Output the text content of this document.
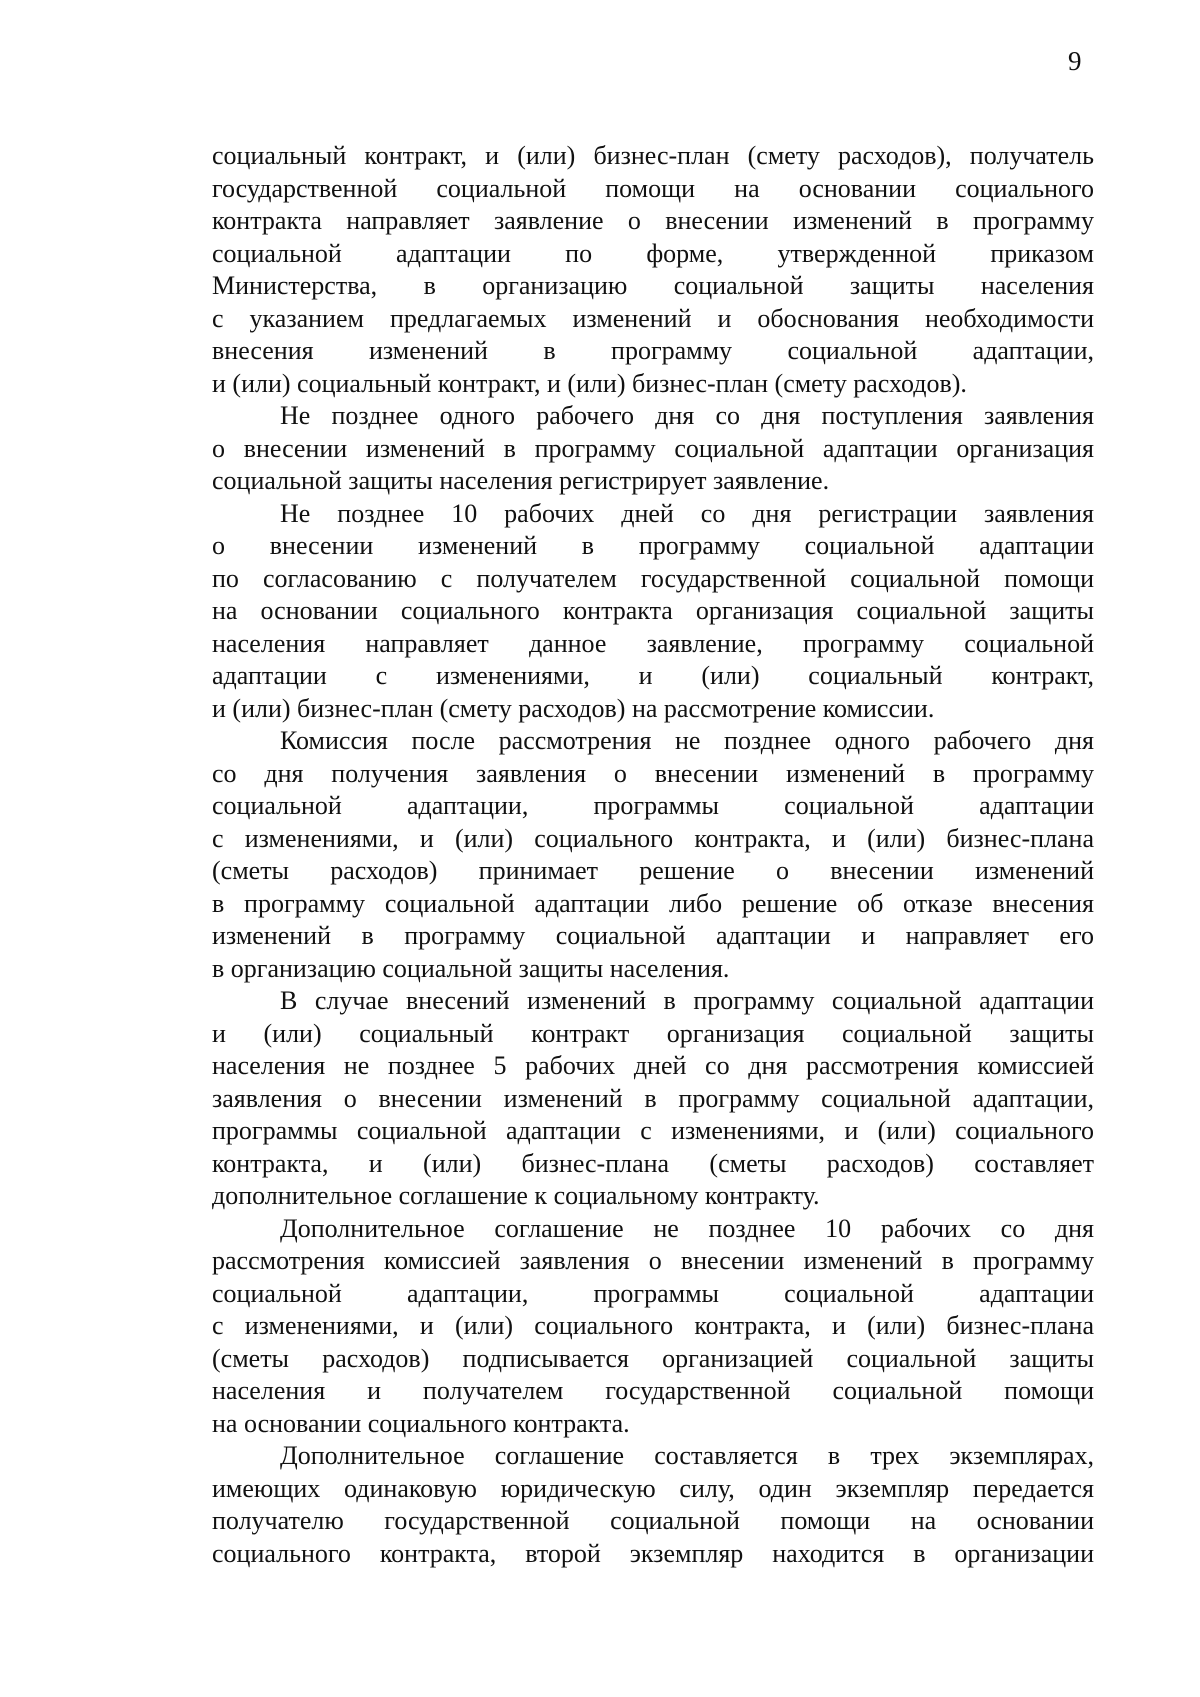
9

социальный контракт, и (или) бизнес-план (смету расходов), получатель
государственной социальной помощи на основании социального
контракта направляет заявление о внесении изменений в программу
социальной адаптации по форме, утвержденной приказом
Министерства, в организацию социальной защиты населения
с указанием предлагаемых изменений и обоснования необходимости
внесения изменений в программу социальной адаптации,
и (или) социальный контракт, и (или) бизнес-план (смету расходов).

Не позднее одного рабочего дня со дня поступления заявления
о внесении изменений в программу социальной адаптации организация
социальной защиты населения регистрирует заявление.

Не позднее 10 рабочих дней со дня регистрации заявления
о внесении изменений в программу социальной адаптации
по согласованию с получателем государственной социальной помощи
на основании социального контракта организация социальной защиты
населения направляет данное заявление, программу социальной
адаптации с изменениями, и (или) социальный контракт,
и (или) бизнес-план (смету расходов) на рассмотрение комиссии.

Комиссия после рассмотрения не позднее одного рабочего дня
со дня получения заявления о внесении изменений в программу
социальной адаптации, программы социальной адаптации
с изменениями, и (или) социального контракта, и (или) бизнес-плана
(сметы расходов) принимает решение о внесении изменений
в программу социальной адаптации либо решение об отказе внесения
изменений в программу социальной адаптации и направляет его
в организацию социальной защиты населения.

В случае внесений изменений в программу социальной адаптации
и (или) социальный контракт организация социальной защиты
населения не позднее 5 рабочих дней со дня рассмотрения комиссией
заявления о внесении изменений в программу социальной адаптации,
программы социальной адаптации с изменениями, и (или) социального
контракта, и (или) бизнес-плана (сметы расходов) составляет
дополнительное соглашение к социальному контракту.

Дополнительное соглашение не позднее 10 рабочих со дня
рассмотрения комиссией заявления о внесении изменений в программу
социальной адаптации, программы социальной адаптации
с изменениями, и (или) социального контракта, и (или) бизнес-плана
(сметы расходов) подписывается организацией социальной защиты
населения и получателем государственной социальной помощи
на основании социального контракта.

Дополнительное соглашение составляется в трех экземплярах,
имеющих одинаковую юридическую силу, один экземпляр передается
получателю государственной социальной помощи на основании
социального контракта, второй экземпляр находится в организации
